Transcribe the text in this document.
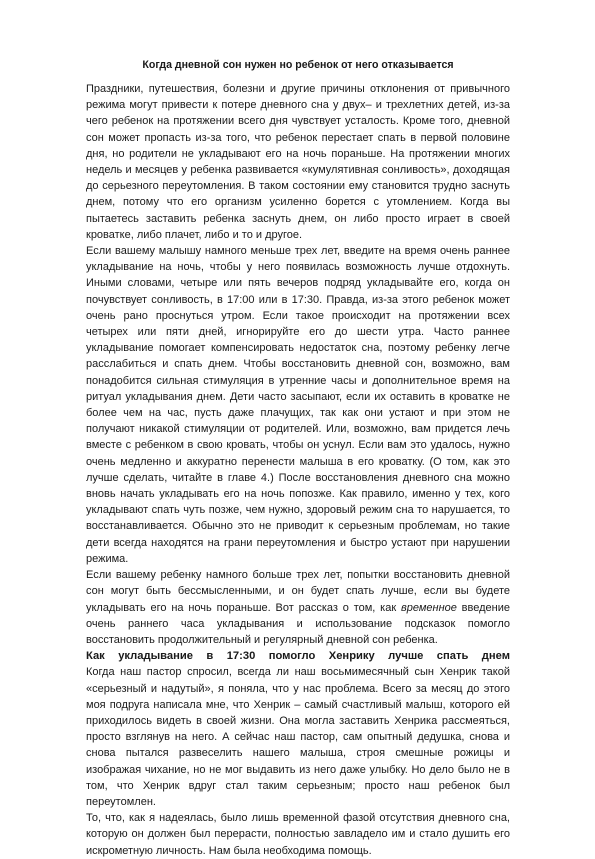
Когда дневной сон нужен но ребенок от него отказывается

Праздники, путешествия, болезни и другие причины отклонения от привычного режима могут привести к потере дневного сна у двух– и трехлетних детей, из-за чего ребенок на протяжении всего дня чувствует усталость. Кроме того, дневной сон может пропасть из-за того, что ребенок перестает спать в первой половине дня, но родители не укладывают его на ночь пораньше. На протяжении многих недель и месяцев у ребенка развивается «кумулятивная сонливость», доходящая до серьезного переутомления. В таком состоянии ему становится трудно заснуть днем, потому что его организм усиленно борется с утомлением. Когда вы пытаетесь заставить ребенка заснуть днем, он либо просто играет в своей кроватке, либо плачет, либо и то и другое.

Если вашему малышу намного меньше трех лет, введите на время очень раннее укладывание на ночь, чтобы у него появилась возможность лучше отдохнуть. Иными словами, четыре или пять вечеров подряд укладывайте его, когда он почувствует сонливость, в 17:00 или в 17:30. Правда, из-за этого ребенок может очень рано проснуться утром. Если такое происходит на протяжении всех четырех или пяти дней, игнорируйте его до шести утра. Часто раннее укладывание помогает компенсировать недостаток сна, поэтому ребенку легче расслабиться и спать днем. Чтобы восстановить дневной сон, возможно, вам понадобится сильная стимуляция в утренние часы и дополнительное время на ритуал укладывания днем. Дети часто засыпают, если их оставить в кроватке не более чем на час, пусть даже плачущих, так как они устают и при этом не получают никакой стимуляции от родителей. Или, возможно, вам придется лечь вместе с ребенком в свою кровать, чтобы он уснул. Если вам это удалось, нужно очень медленно и аккуратно перенести малыша в его кроватку. (О том, как это лучше сделать, читайте в главе 4.) После восстановления дневного сна можно вновь начать укладывать его на ночь попозже. Как правило, именно у тех, кого укладывают спать чуть позже, чем нужно, здоровый режим сна то нарушается, то восстанавливается. Обычно это не приводит к серьезным проблемам, но такие дети всегда находятся на грани переутомления и быстро устают при нарушении режима.

Если вашему ребенку намного больше трех лет, попытки восстановить дневной сон могут быть бессмысленными, и он будет спать лучше, если вы будете укладывать его на ночь пораньше. Вот рассказ о том, как временное введение очень раннего часа укладывания и использование подсказок помогло восстановить продолжительный и регулярный дневной сон ребенка.

Как укладывание в 17:30 помогло Хенрику лучше спать днем

Когда наш пастор спросил, всегда ли наш восьмимесячный сын Хенрик такой «серьезный и надутый», я поняла, что у нас проблема. Всего за месяц до этого моя подруга написала мне, что Хенрик – самый счастливый малыш, которого ей приходилось видеть в своей жизни. Она могла заставить Хенрика рассмеяться, просто взглянув на него. А сейчас наш пастор, сам опытный дедушка, снова и снова пытался развеселить нашего малыша, строя смешные рожицы и изображая чихание, но не мог выдавить из него даже улыбку. Но дело было не в том, что Хенрик вдруг стал таким серьезным; просто наш ребенок был переутомлен.

То, что, как я надеялась, было лишь временной фазой отсутствия дневного сна, которую он должен был перерасти, полностью завладело им и стало душить его искрометную личность. Нам была необходима помощь.
